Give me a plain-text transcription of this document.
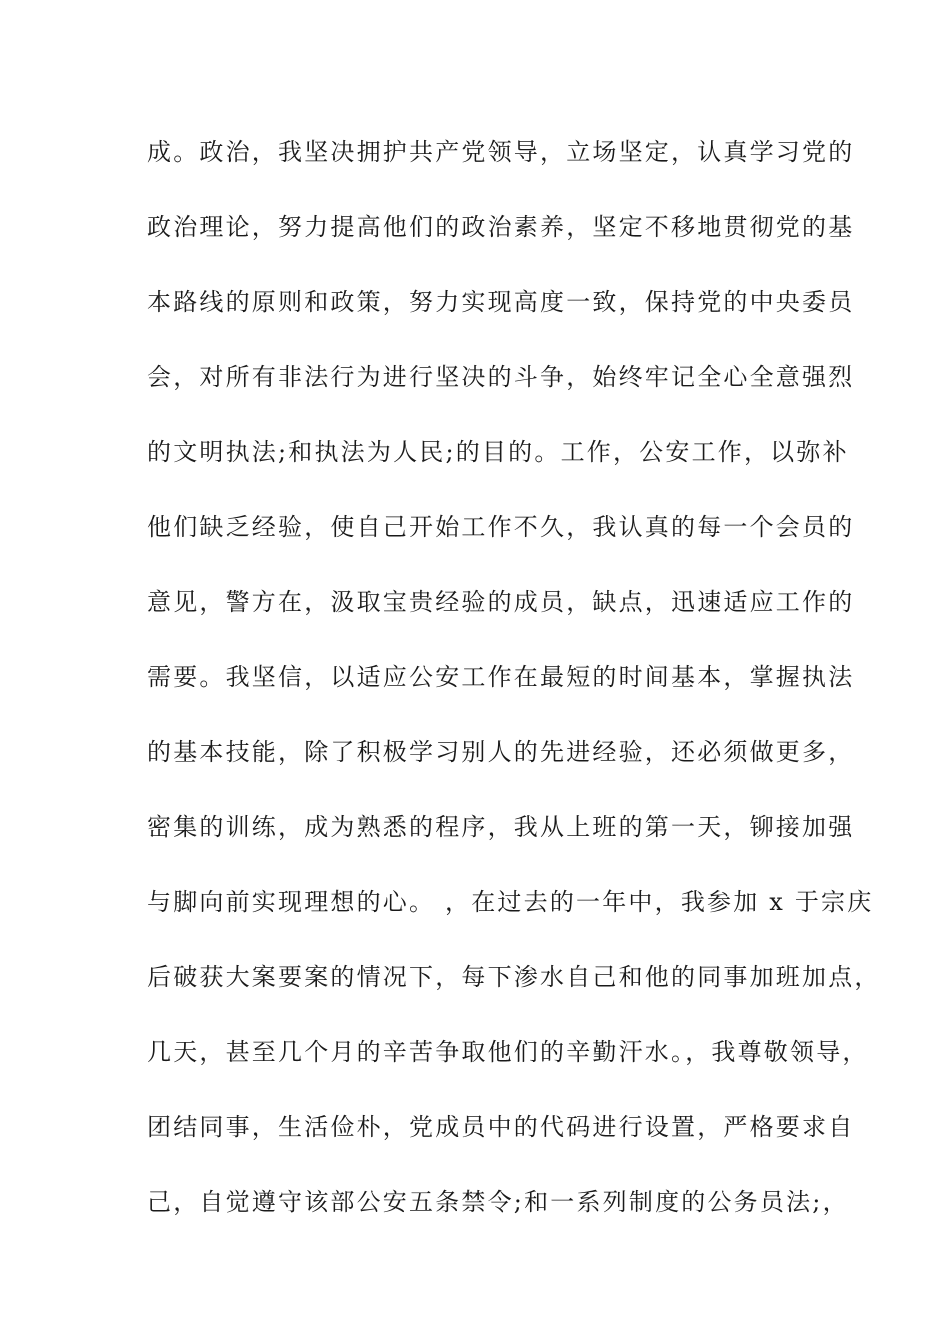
成。政治，我坚决拥护共产党领导，立场坚定，认真学习党的
政治理论，努力提高他们的政治素养，坚定不移地贯彻党的基
本路线的原则和政策，努力实现高度一致，保持党的中央委员
会，对所有非法行为进行坚决的斗争，始终牢记全心全意强烈
的文明执法;和执法为人民;的目的。工作，公安工作，以弥补
他们缺乏经验，使自己开始工作不久，我认真的每一个会员的
意见，警方在，汲取宝贵经验的成员，缺点，迅速适应工作的
需要。我坚信，以适应公安工作在最短的时间基本，掌握执法
的基本技能，除了积极学习别人的先进经验，还必须做更多，
密集的训练，成为熟悉的程序，我从上班的第一天，铆接加强
与脚向前实现理想的心。 ，在过去的一年中，我参加 x 于宗庆
后破获大案要案的情况下，每下渗水自己和他的同事加班加点，
几天，甚至几个月的辛苦争取他们的辛勤汗水。，我尊敬领导，
团结同事，生活俭朴，党成员中的代码进行设置，严格要求自
己，自觉遵守该部公安五条禁令;和一系列制度的公务员法;，
